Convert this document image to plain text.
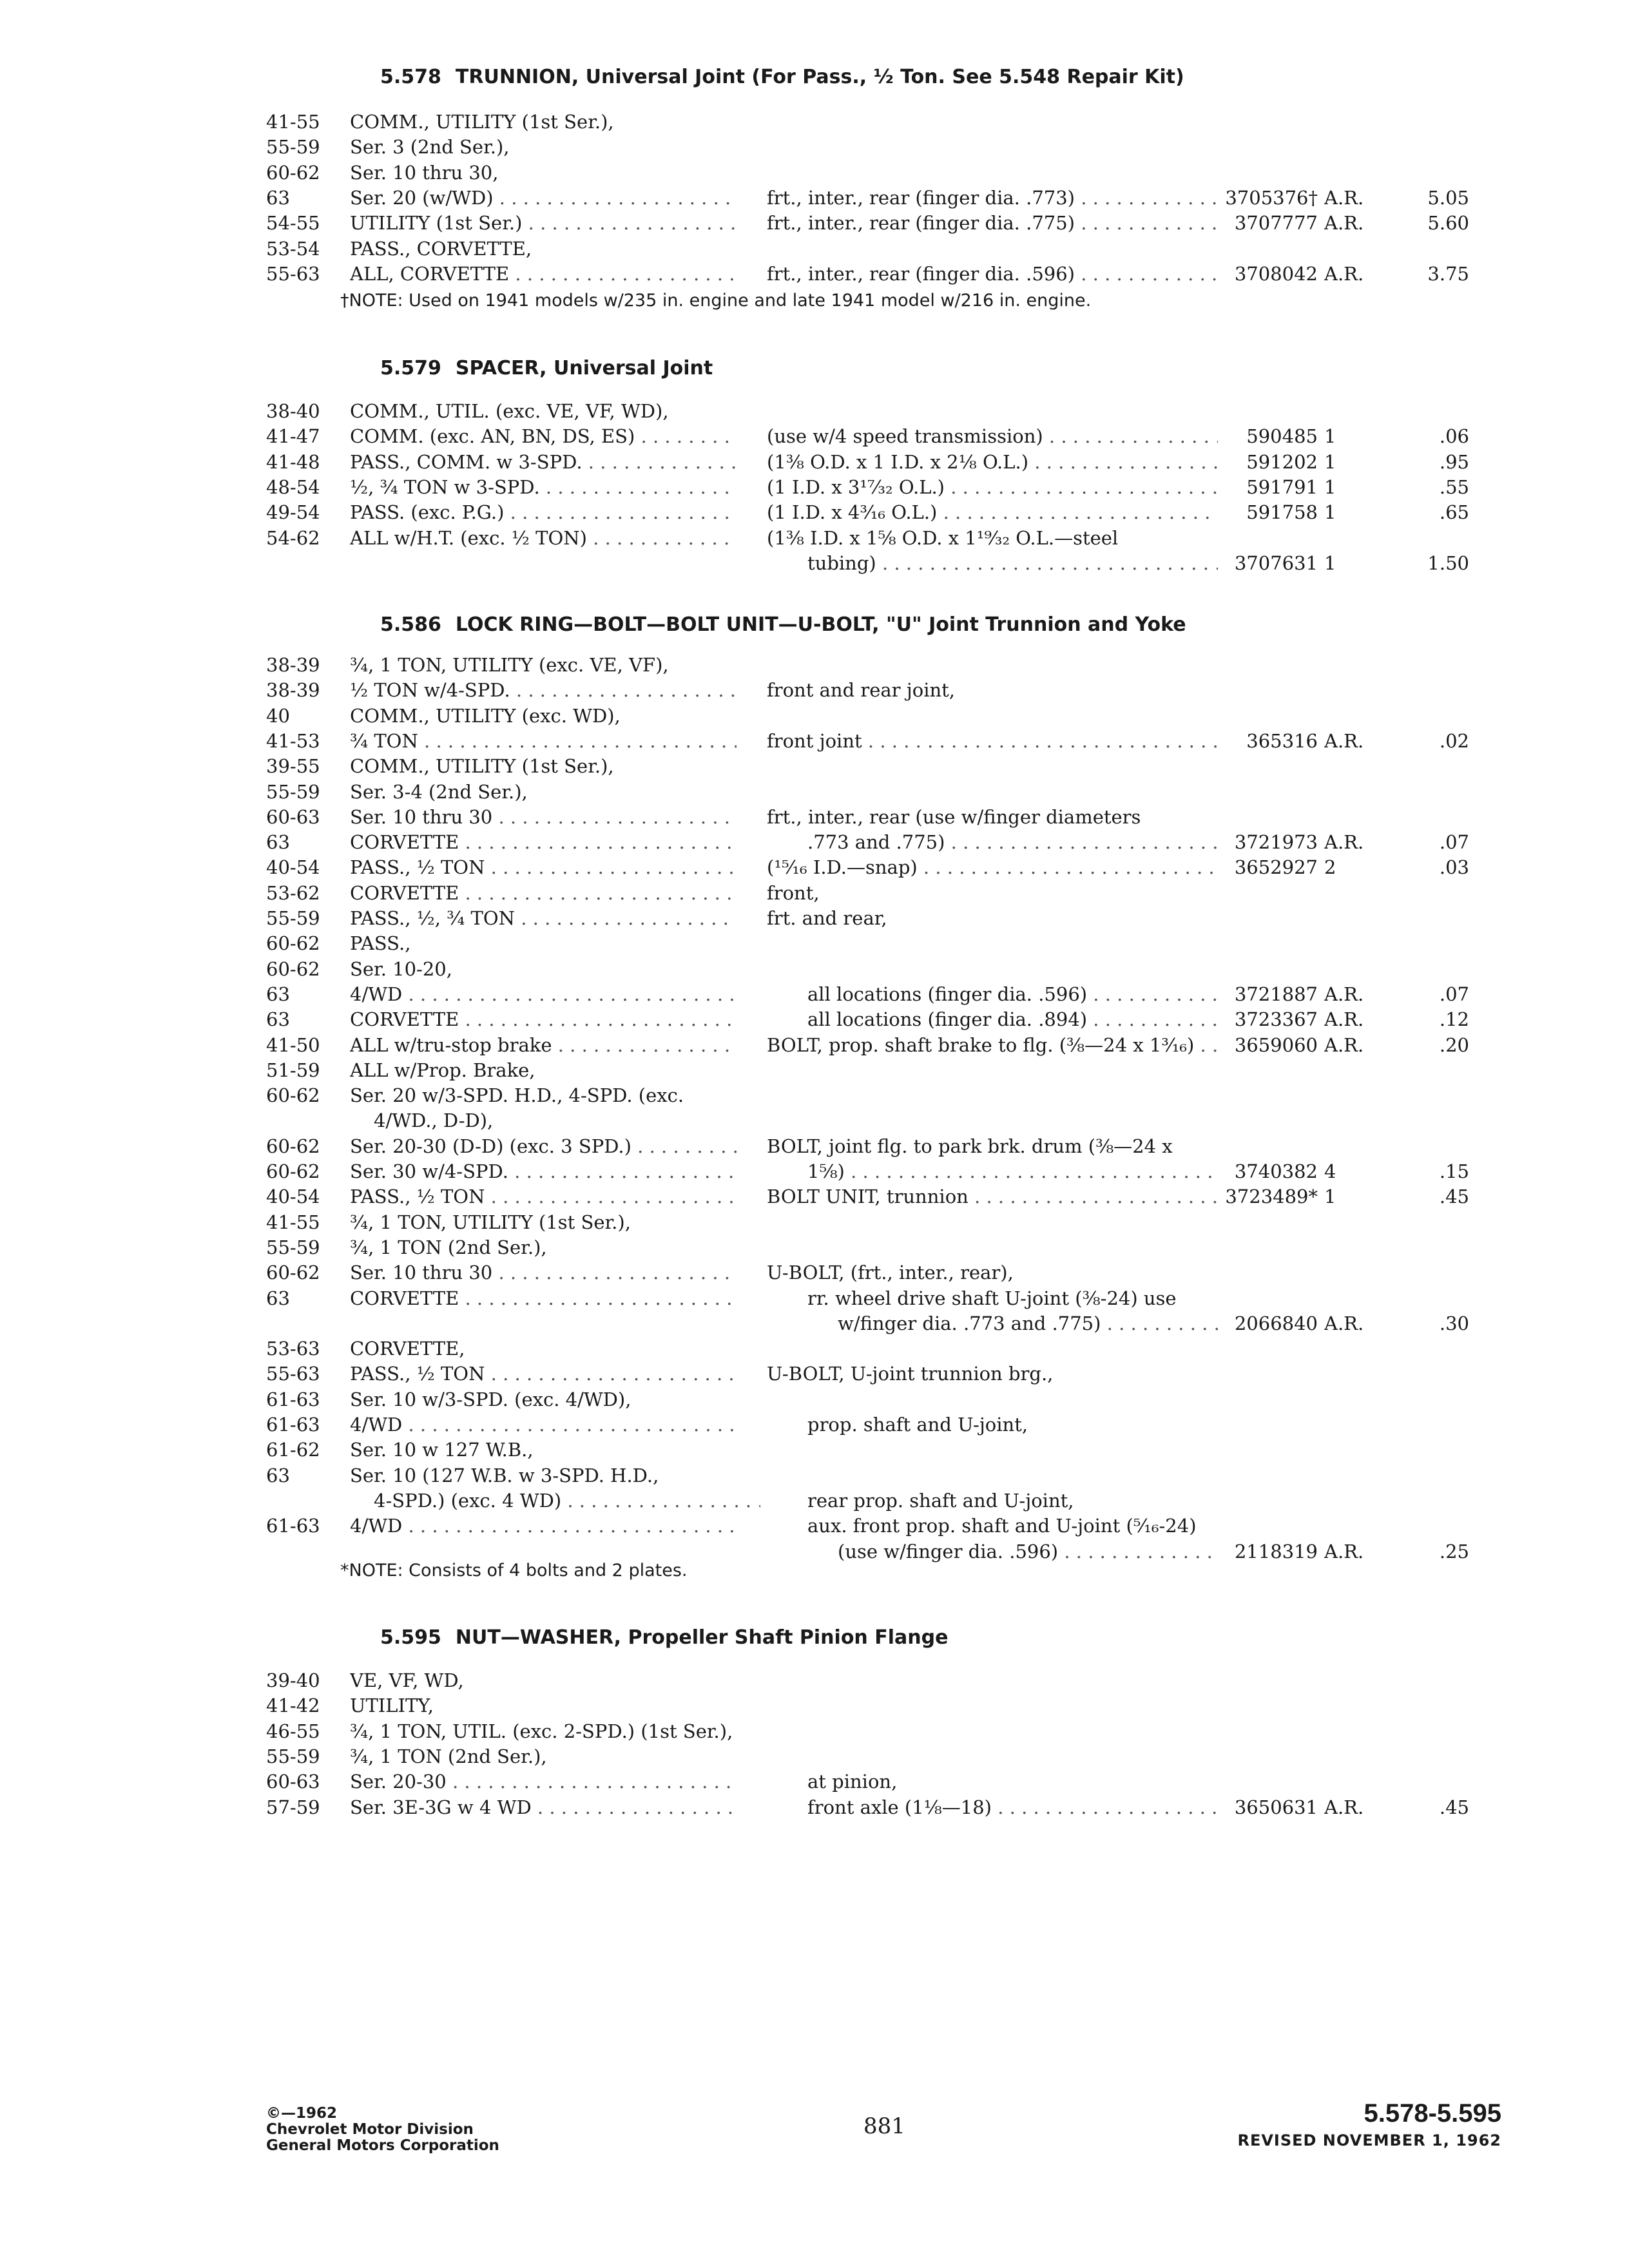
5.578 TRUNNION, Universal Joint (For Pass., ½ Ton. See 5.548 Repair Kit)
41-55	COMM., UTILITY (1st Ser.),
55-59	Ser. 3 (2nd Ser.),
60-62	Ser. 10 thru 30,
63	Ser. 20 (w/WD) . . .	frt., inter., rear (finger dia. .773) . . .	3705376† A.R.	5.05
54-55	UTILITY (1st Ser.) . . .	frt., inter., rear (finger dia. .775) . . .	3707777 A.R.	5.60
53-54	PASS., CORVETTE,
55-63	ALL, CORVETTE . . .	frt., inter., rear (finger dia. .596) . . .	3708042 A.R.	3.75
†NOTE: Used on 1941 models w/235 in. engine and late 1941 model w/216 in. engine.
5.579 SPACER, Universal Joint
38-40	COMM., UTIL. (exc. VE, VF, WD),
41-47	COMM. (exc. AN, BN, DS, ES) . . .	(use w/4 speed transmission) . . .	590485 1	.06
41-48	PASS., COMM. w 3-SPD. . . .	(1⅜ O.D. x 1 I.D. x 2⅛ O.L.) . . .	591202 1	.95
48-54	½, ¾ TON w 3-SPD. . . .	(1 I.D. x 3¹⁷⁄₃₂ O.L.) . . .	591791 1	.55
49-54	PASS. (exc. P.G.) . . .	(1 I.D. x 4³⁄₁₆ O.L.) . . .	591758 1	.65
54-62	ALL w/H.T. (exc. ½ TON) . . .	(1⅜ I.D. x 1⅝ O.D. x 1¹⁹⁄₃₂ O.L.—steel
tubing) . . .	3707631 1	1.50
5.586 LOCK RING—BOLT—BOLT UNIT—U-BOLT, "U" Joint Trunnion and Yoke
38-39	¾, 1 TON, UTILITY (exc. VE, VF),
38-39	½ TON w/4-SPD. . . .	front and rear joint,
40	COMM., UTILITY (exc. WD),
41-53	¾ TON . . .	front joint . . .	365316 A.R.	.02
39-55	COMM., UTILITY (1st Ser.),
55-59	Ser. 3-4 (2nd Ser.),
60-63	Ser. 10 thru 30 . . .	frt., inter., rear (use w/finger diameters
63	CORVETTE . . .	.773 and .775) . . .	3721973 A.R.	.07
40-54	PASS., ½ TON . . .	(¹⁵⁄₁₆ I.D.—snap) . . .	3652927 2	.03
53-62	CORVETTE . . .	front,
55-59	PASS., ½, ¾ TON . . .	frt. and rear,
60-62	PASS.,
60-62	Ser. 10-20,
63	4/WD . . .	all locations (finger dia. .596) . . .	3721887 A.R.	.07
63	CORVETTE . . .	all locations (finger dia. .894) . . .	3723367 A.R.	.12
41-50	ALL w/tru-stop brake . . .	BOLT, prop. shaft brake to flg. (⅜—24 x 1³⁄₁₆) . . .	3659060 A.R.	.20
51-59	ALL w/Prop. Brake,
60-62	Ser. 20 w/3-SPD. H.D., 4-SPD. (exc.
4/WD., D-D),
60-62	Ser. 20-30 (D-D) (exc. 3 SPD.) . . .	BOLT, joint flg. to park brk. drum (⅜—24 x
60-62	Ser. 30 w/4-SPD. . . .	1⅝) . . .	3740382 4	.15
40-54	PASS., ½ TON . . .	BOLT UNIT, trunnion . . .	3723489* 1	.45
41-55	¾, 1 TON, UTILITY (1st Ser.),
55-59	¾, 1 TON (2nd Ser.),
60-62	Ser. 10 thru 30 . . .	U-BOLT, (frt., inter., rear),
63	CORVETTE . . .	rr. wheel drive shaft U-joint (⅜-24) use
w/finger dia. .773 and .775) . . .	2066840 A.R.	.30
53-63	CORVETTE,
55-63	PASS., ½ TON . . .	U-BOLT, U-joint trunnion brg.,
61-63	Ser. 10 w/3-SPD. (exc. 4/WD),
61-63	4/WD . . .	prop. shaft and U-joint,
61-62	Ser. 10 w 127 W.B.,
63	Ser. 10 (127 W.B. w 3-SPD. H.D.,
4-SPD.) (exc. 4 WD) . . .	rear prop. shaft and U-joint,
61-63	4/WD . . .	aux. front prop. shaft and U-joint (⁵⁄₁₆-24)
(use w/finger dia. .596) . . .	2118319 A.R.	.25
*NOTE: Consists of 4 bolts and 2 plates.
5.595 NUT—WASHER, Propeller Shaft Pinion Flange
39-40	VE, VF, WD,
41-42	UTILITY,
46-55	¾, 1 TON, UTIL. (exc. 2-SPD.) (1st Ser.),
55-59	¾, 1 TON (2nd Ser.),
60-63	Ser. 20-30 . . .	at pinion,
57-59	Ser. 3E-3G w 4 WD . . .	front axle (1⅛—18) . . .	3650631 A.R.	.45
©—1962
Chevrolet Motor Division
General Motors Corporation
881	5.578-5.595
REVISED NOVEMBER 1, 1962
